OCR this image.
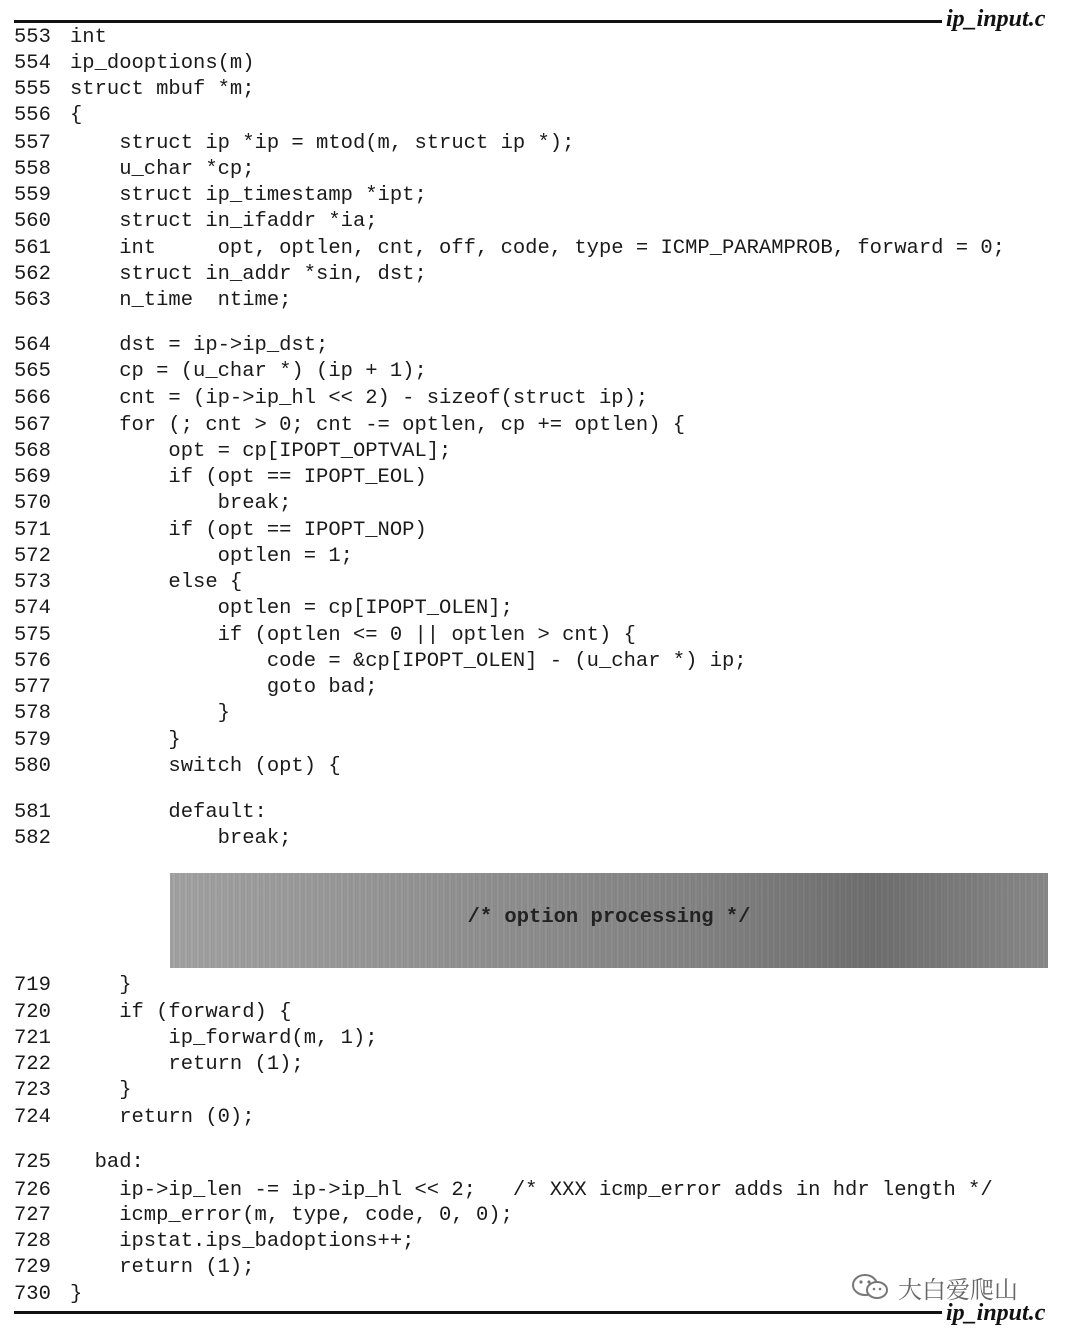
ip_input.c
553 int
554 ip_dooptions(m)
555 struct mbuf *m;
556 {
557    struct ip *ip = mtod(m, struct ip *);
558    u_char *cp;
559    struct ip_timestamp *ipt;
560    struct in_ifaddr *ia;
561    int     opt, optlen, cnt, off, code, type = ICMP_PARAMPROB, forward = 0;
562    struct in_addr *sin, dst;
563    n_time  ntime;
564    dst = ip->ip_dst;
565    cp = (u_char *) (ip + 1);
566    cnt = (ip->ip_hl << 2) - sizeof(struct ip);
567    for (; cnt > 0; cnt -= optlen, cp += optlen) {
568        opt = cp[IPOPT_OPTVAL];
569        if (opt == IPOPT_EOL)
570            break;
571        if (opt == IPOPT_NOP)
572            optlen = 1;
573        else {
574            optlen = cp[IPOPT_OLEN];
575            if (optlen <= 0 || optlen > cnt) {
576                code = &cp[IPOPT_OLEN] - (u_char *) ip;
577                goto bad;
578            }
579        }
580        switch (opt) {
581        default:
582            break;
/* option processing */
719    }
720    if (forward) {
721        ip_forward(m, 1);
722        return (1);
723    }
724    return (0);
725  bad:
726    ip->ip_len -= ip->ip_hl << 2;   /* XXX icmp_error adds in hdr length */
727    icmp_error(m, type, code, 0, 0);
728    ipstat.ips_badoptions++;
729    return (1);
730 }	大白爱爬山
ip_input.c
